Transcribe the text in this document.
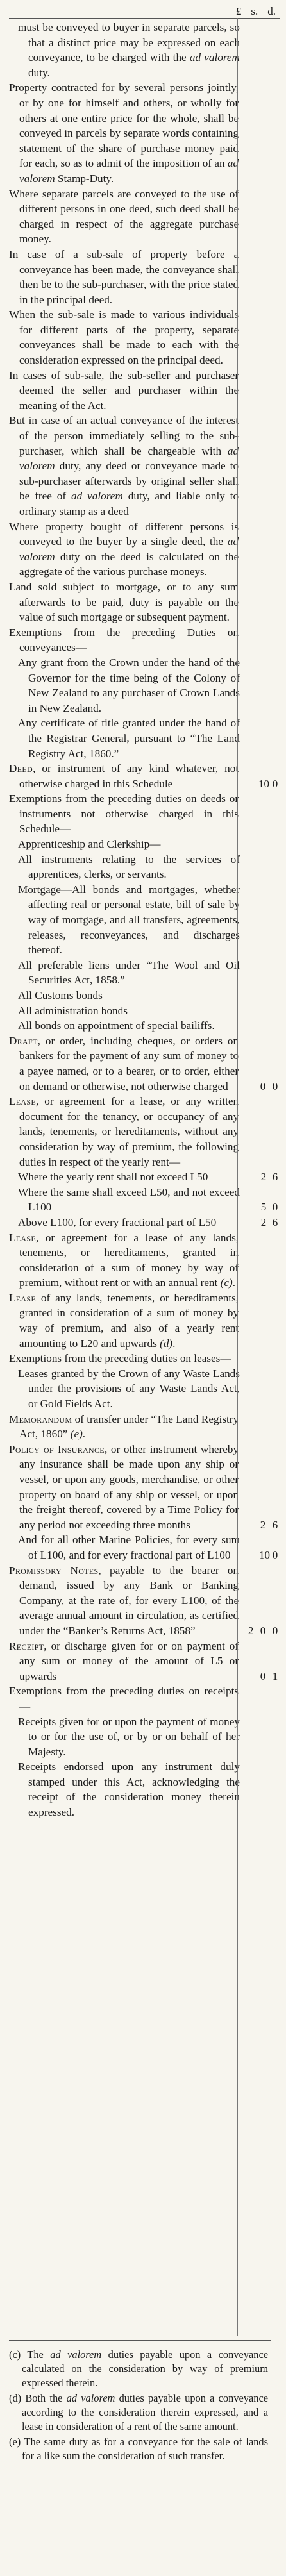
£ s. d.
must be conveyed to buyer in separate parcels, so that a distinct price may be expressed on each conveyance, to be charged with the ad valorem duty.
Property contracted for by several persons jointly, or by one for himself and others, or wholly for others at one entire price for the whole, shall be conveyed in parcels by separate words containing statement of the share of purchase money paid for each, so as to admit of the imposition of an ad valorem Stamp-Duty.
Where separate parcels are conveyed to the use of different persons in one deed, such deed shall be charged in respect of the aggregate purchase money.
In case of a sub-sale of property before a conveyance has been made, the conveyance shall then be to the sub-purchaser, with the price stated in the principal deed.
When the sub-sale is made to various individuals for different parts of the property, separate conveyances shall be made to each with the consideration expressed on the principal deed.
In cases of sub-sale, the sub-seller and purchaser deemed the seller and purchaser within the meaning of the Act.
But in case of an actual conveyance of the interest of the person immediately selling to the sub-purchaser, which shall be chargeable with ad valorem duty, any deed or conveyance made to sub-purchaser afterwards by original seller shall be free of ad valorem duty, and liable only to ordinary stamp as a deed
Where property bought of different persons is conveyed to the buyer by a single deed, the ad valorem duty on the deed is calculated on the aggregate of the various purchase moneys.
Land sold subject to mortgage, or to any sum afterwards to be paid, duty is payable on the value of such mortgage or subsequent payment.
Exemptions from the preceding Duties on conveyances—
Any grant from the Crown under the hand of the Governor for the time being of the Colony of New Zealand to any purchaser of Crown Lands in New Zealand.
Any certificate of title granted under the hand of the Registrar General, pursuant to “The Land Registry Act, 1860.”
Deed, or instrument of any kind whatever, not otherwise charged in this Schedule	10 0
Exemptions from the preceding duties on deeds or instruments not otherwise charged in this Schedule—
Apprenticeship and Clerkship—
All instruments relating to the services of apprentices, clerks, or servants.
Mortgage—All bonds and mortgages, whether affecting real or personal estate, bill of sale by way of mortgage, and all transfers, agreements, releases, reconveyances, and discharges thereof.
All preferable liens under “The Wool and Oil Securities Act, 1858.”
All Customs bonds
All administration bonds
All bonds on appointment of special bailiffs.
Draft, or order, including cheques, or orders on bankers for the payment of any sum of money to a payee named, or to a bearer, or to order, either on demand or otherwise, not otherwise charged	0 0
Lease, or agreement for a lease, or any written document for the tenancy, or occupancy of any lands, tenements, or hereditaments, without any consideration by way of premium, the following duties in respect of the yearly rent—
Where the yearly rent shall not exceed L50	2 6
Where the same shall exceed L50, and not exceed L100	5 0
Above L100, for every fractional part of L50	2 6
Lease, or agreement for a lease of any lands, tenements, or hereditaments, granted in consideration of a sum of money by way of premium, without rent or with an annual rent (c).
Lease of any lands, tenements, or hereditaments, granted in consideration of a sum of money by way of premium, and also of a yearly rent amounting to L20 and upwards (d).
Exemptions from the preceding duties on leases—
Leases granted by the Crown of any Waste Lands under the provisions of any Waste Lands Act, or Gold Fields Act.
Memorandum of transfer under “The Land Registry Act, 1860” (e).
Policy of Insurance, or other instrument whereby any insurance shall be made upon any ship or vessel, or upon any goods, merchandise, or other property on board of any ship or vessel, or upon the freight thereof, covered by a Time Policy for any period not exceeding three months	2 6
And for all other Marine Policies, for every sum of L100, and for every fractional part of L100	10 0
Promissory Notes, payable to the bearer on demand, issued by any Bank or Banking Company, at the rate of, for every L100, of the average annual amount in circulation, as certified under the “Banker’s Returns Act, 1858”	2 0 0
Receipt, or discharge given for or on payment of any sum or money of the amount of L5 or upwards	0 1
Exemptions from the preceding duties on receipts—
Receipts given for or upon the payment of money to or for the use of, or by or on behalf of her Majesty.
Receipts endorsed upon any instrument duly stamped under this Act, acknowledging the receipt of the consideration money therein expressed.
(c) The ad valorem duties payable upon a conveyance calculated on the consideration by way of premium expressed therein.
(d) Both the ad valorem duties payable upon a conveyance according to the consideration therein expressed, and a lease in consideration of a rent of the same amount.
(e) The same duty as for a conveyance for the sale of lands for a like sum the consideration of such transfer.
